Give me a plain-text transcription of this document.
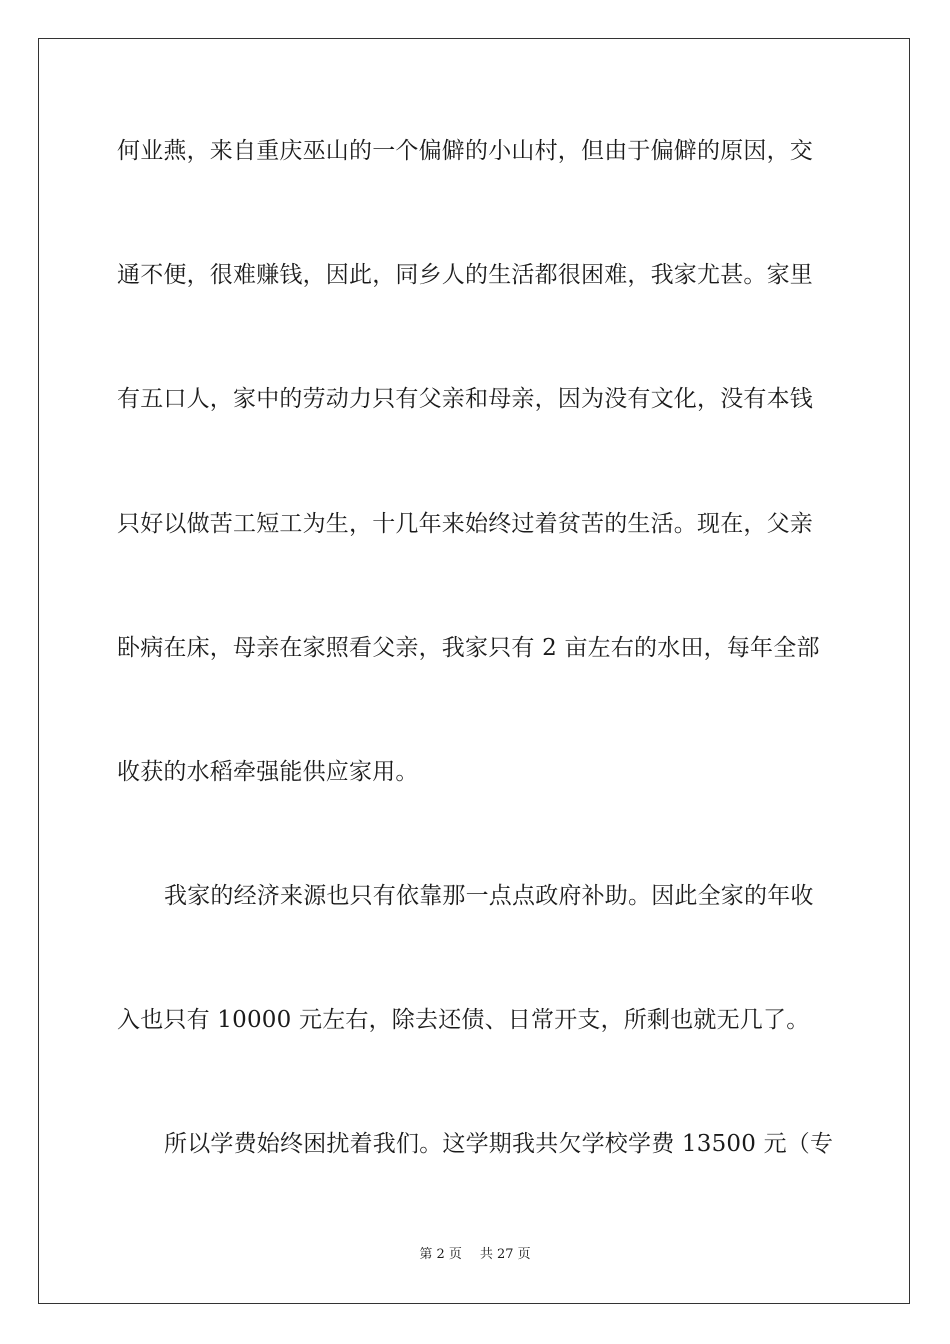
何业燕，来自重庆巫山的一个偏僻的小山村，但由于偏僻的原因，交
通不便，很难赚钱，因此，同乡人的生活都很困难，我家尤甚。家里
有五口人，家中的劳动力只有父亲和母亲，因为没有文化，没有本钱
只好以做苦工短工为生，十几年来始终过着贫苦的生活。现在，父亲
卧病在床，母亲在家照看父亲，我家只有 2 亩左右的水田，每年全部
收获的水稻牵强能供应家用。
我家的经济来源也只有依靠那一点点政府补助。因此全家的年收
入也只有 10000 元左右，除去还债、日常开支，所剩也就无几了。
所以学费始终困扰着我们。这学期我共欠学校学费 13500 元（专
第 2 页 共 27 页
